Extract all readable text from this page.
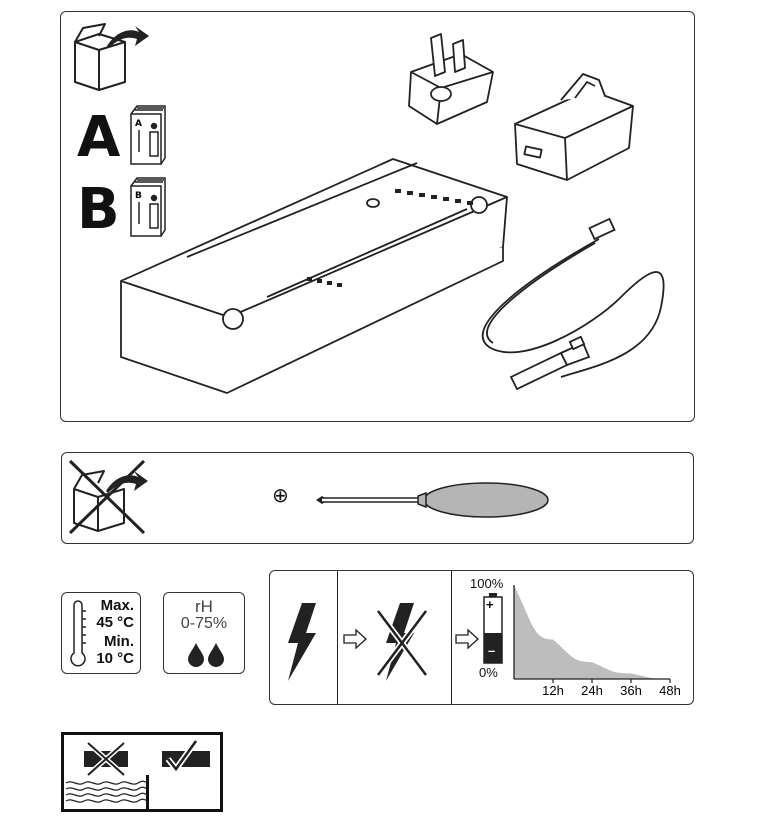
A A
B B
⊕
Max.
45 °C
Min.
10 °C
rH
0-75%
100%
0%
+
–
12h 24h 36h 48h
